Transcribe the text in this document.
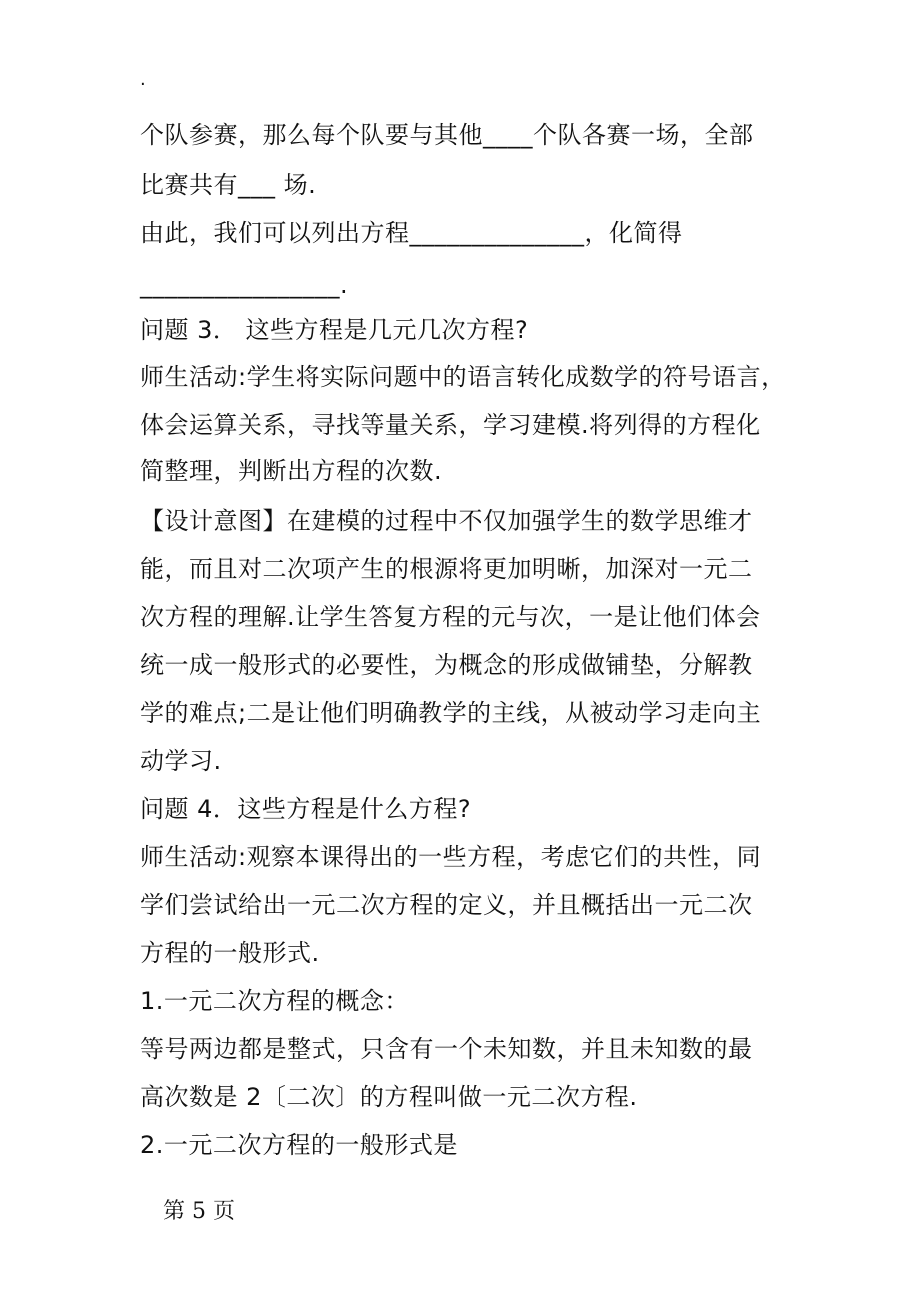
.
个队参赛，那么每个队要与其他____个队各赛一场，全部
比赛共有___ 场.
由此，我们可以列出方程______________，化简得
________________.
问题 3． 这些方程是几元几次方程?
师生活动:学生将实际问题中的语言转化成数学的符号语言，
体会运算关系，寻找等量关系，学习建模.将列得的方程化
简整理，判断出方程的次数.
【设计意图】在建模的过程中不仅加强学生的数学思维才
能，而且对二次项产生的根源将更加明晰，加深对一元二
次方程的理解.让学生答复方程的元与次，一是让他们体会
统一成一般形式的必要性，为概念的形成做铺垫，分解教
学的难点;二是让他们明确教学的主线，从被动学习走向主
动学习.
问题 4．这些方程是什么方程?
师生活动:观察本课得出的一些方程，考虑它们的共性，同
学们尝试给出一元二次方程的定义，并且概括出一元二次
方程的一般形式.
1.一元二次方程的概念：
等号两边都是整式，只含有一个未知数，并且未知数的最
高次数是 2〔二次〕的方程叫做一元二次方程.
2.一元二次方程的一般形式是
第 5 页
